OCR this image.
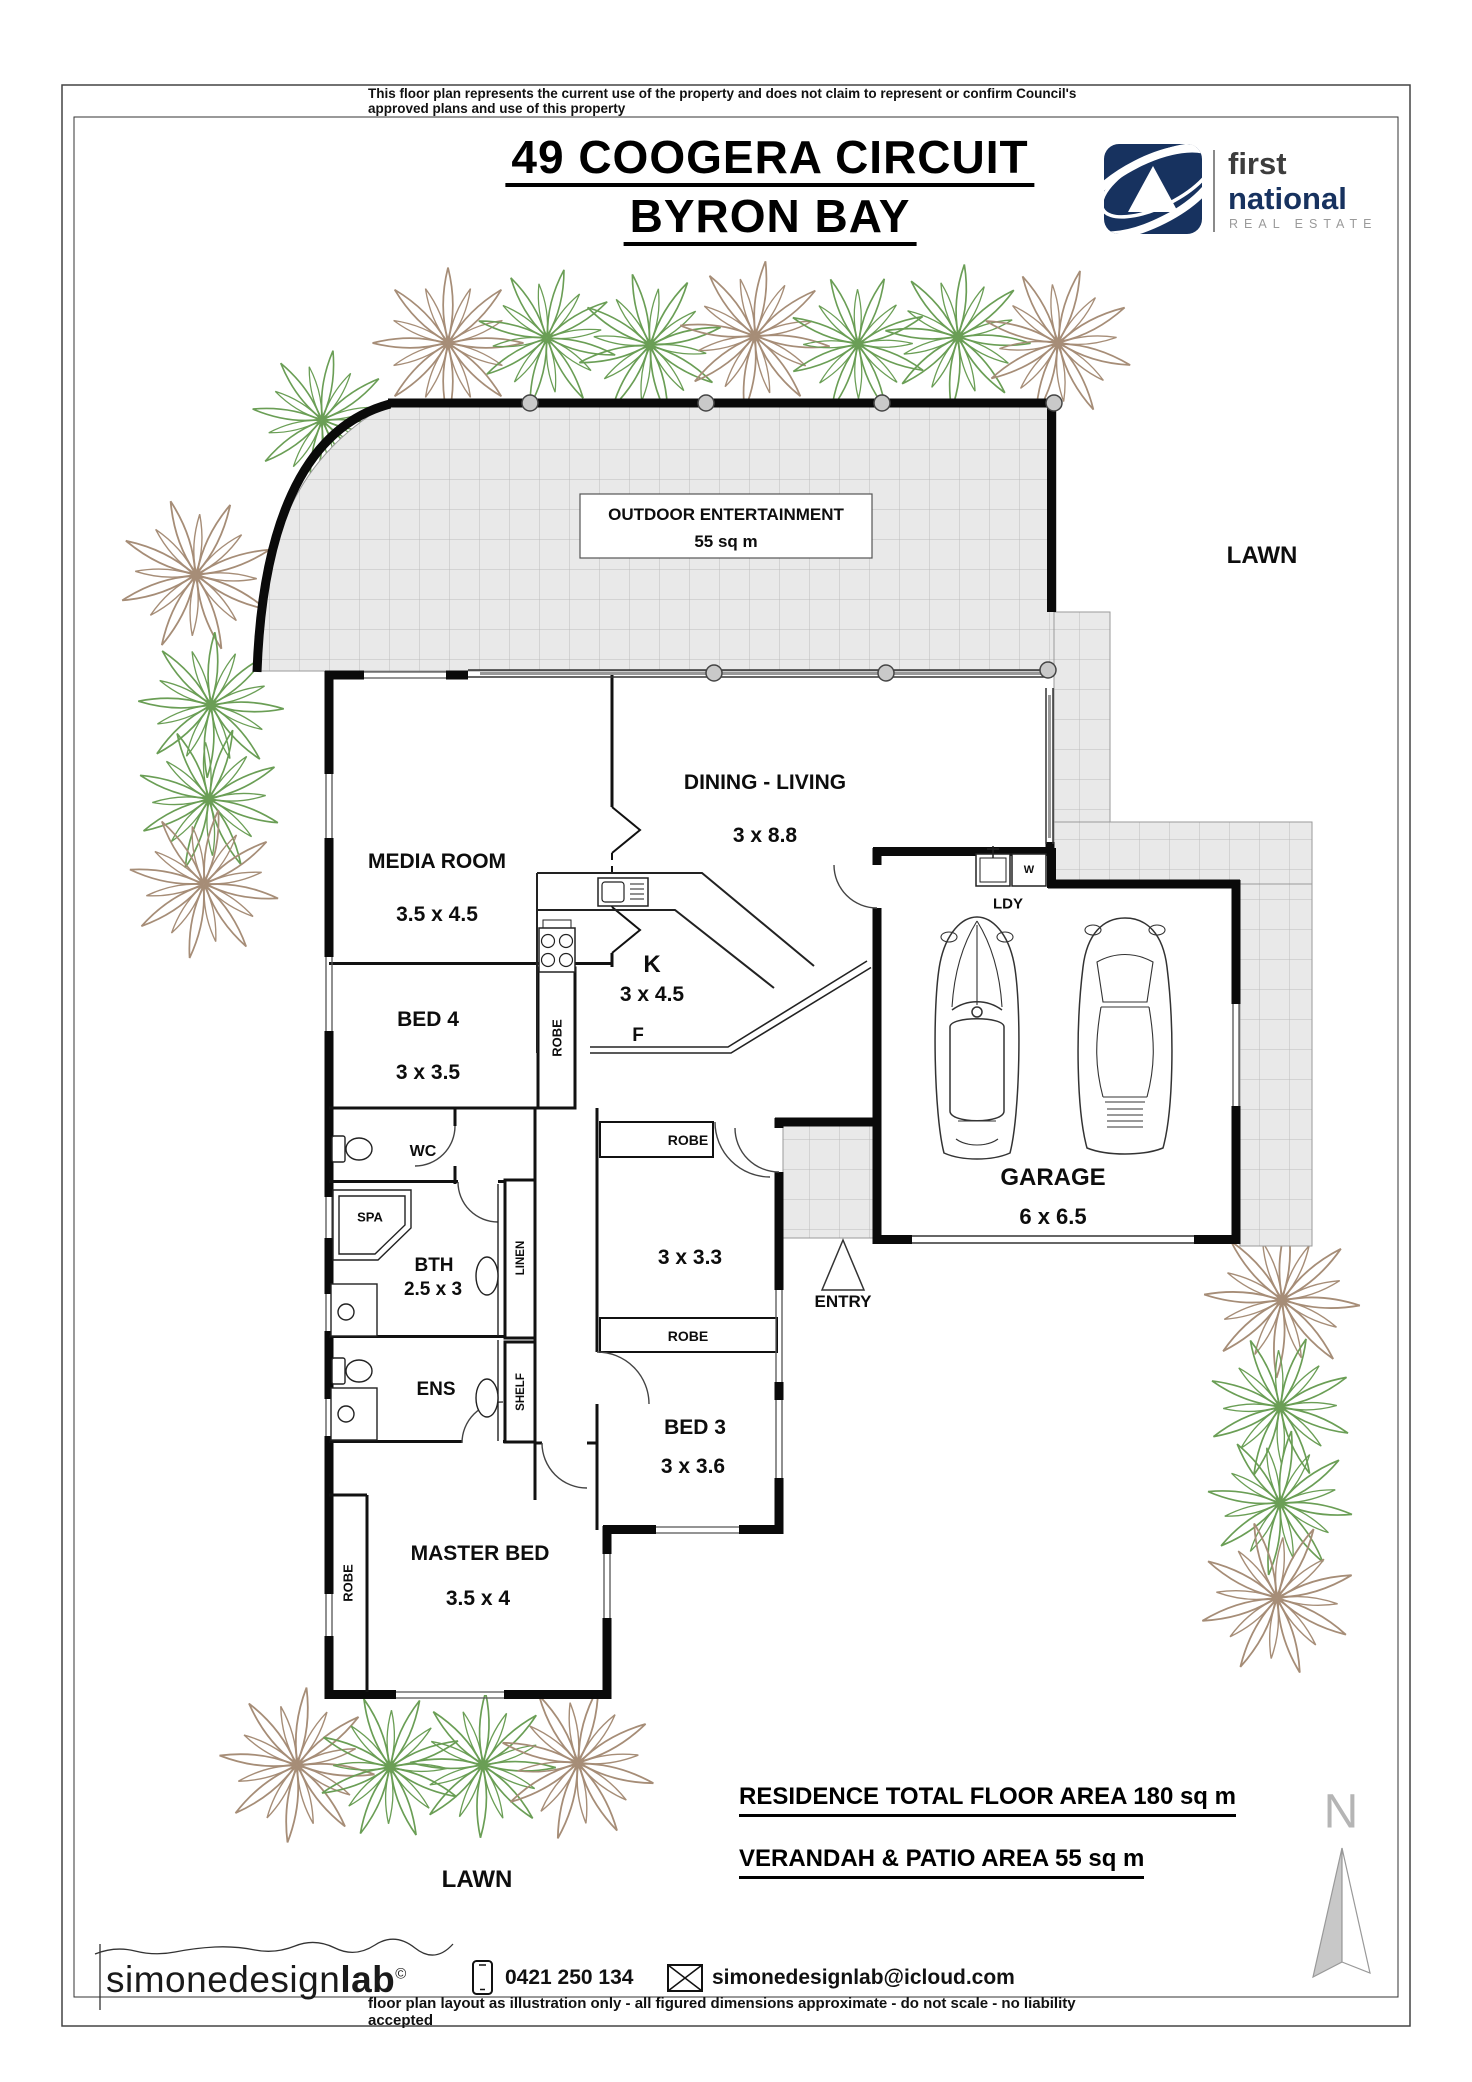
This floor plan represents the current use of the property and does not claim to represent or confirm Council's approved plans and use of this property
49 COOGERA CIRCUIT
BYRON BAY
first
national
REAL ESTATE
OUTDOOR ENTERTAINMENT
55 sq m
LAWN
LAWN
MEDIA ROOM
3.5 x 4.5
DINING - LIVING
3 x 8.8
BED 4
3 x 3.5
ROBE
K
3 x 4.5
F
W
LDY
GARAGE
6 x 6.5
ENTRY
WC
SPA
BTH
2.5 x 3
LINEN
ROBE
3 x 3.3
ROBE
ENS	SHELF
BED 3
3 x 3.6
MASTER BED
3.5 x 4
ROBE
RESIDENCE TOTAL FLOOR AREA 180 sq m
VERANDAH & PATIO AREA 55 sq m
N
simonedesignlab©	0421 250 134	simonedesignlab@icloud.com
floor plan layout as illustration only - all figured dimensions approximate - do not scale - no liability accepted
